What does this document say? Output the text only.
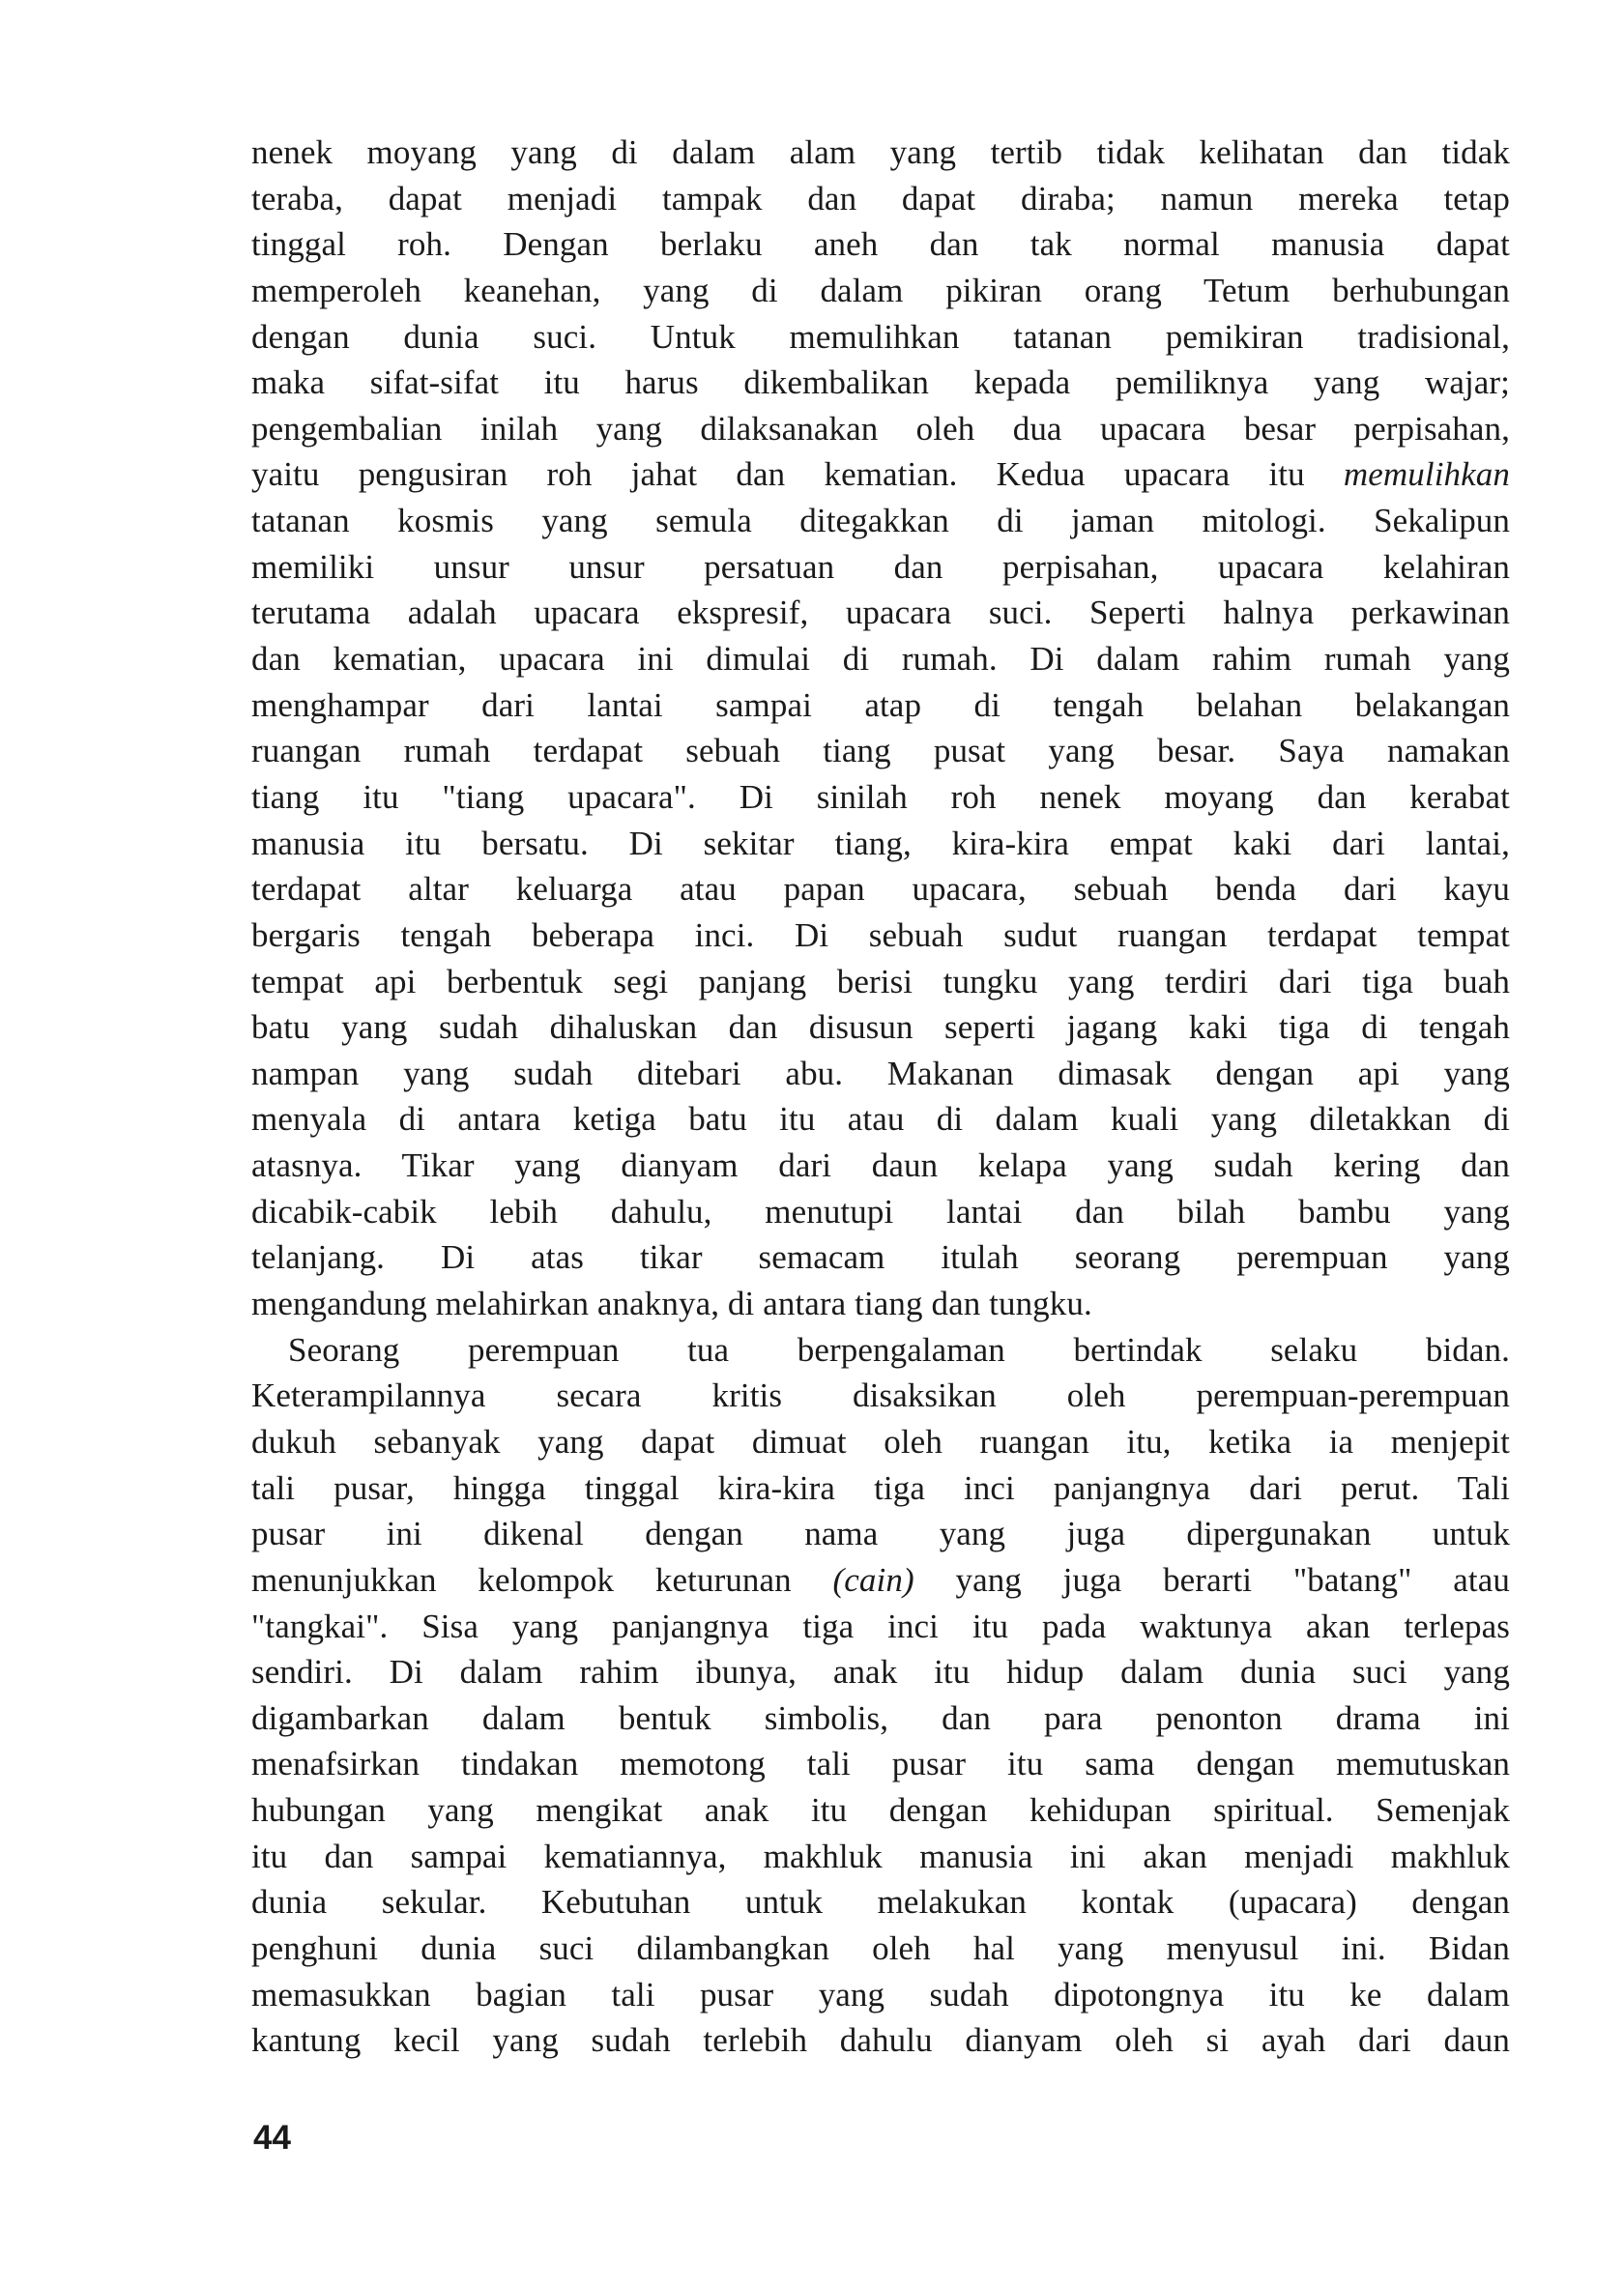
nenek moyang yang di dalam alam yang tertib tidak kelihatan dan tidak
teraba, dapat menjadi tampak dan dapat diraba; namun mereka tetap
tinggal roh. Dengan berlaku aneh dan tak normal manusia dapat
memperoleh keanehan, yang di dalam pikiran orang Tetum berhubungan
dengan dunia suci. Untuk memulihkan tatanan pemikiran tradisional,
maka sifat-sifat itu harus dikembalikan kepada pemiliknya yang wajar;
pengembalian inilah yang dilaksanakan oleh dua upacara besar perpisahan,
yaitu pengusiran roh jahat dan kematian. Kedua upacara itu memulihkan
tatanan kosmis yang semula ditegakkan di jaman mitologi. Sekalipun
memiliki unsur unsur persatuan dan perpisahan, upacara kelahiran
terutama adalah upacara ekspresif, upacara suci. Seperti halnya perkawinan
dan kematian, upacara ini dimulai di rumah. Di dalam rahim rumah yang
menghampar dari lantai sampai atap di tengah belahan belakangan
ruangan rumah terdapat sebuah tiang pusat yang besar. Saya namakan
tiang itu "tiang upacara". Di sinilah roh nenek moyang dan kerabat
manusia itu bersatu. Di sekitar tiang, kira-kira empat kaki dari lantai,
terdapat altar keluarga atau papan upacara, sebuah benda dari kayu
bergaris tengah beberapa inci. Di sebuah sudut ruangan terdapat tempat
tempat api berbentuk segi panjang berisi tungku yang terdiri dari tiga buah
batu yang sudah dihaluskan dan disusun seperti jagang kaki tiga di tengah
nampan yang sudah ditebari abu. Makanan dimasak dengan api yang
menyala di antara ketiga batu itu atau di dalam kuali yang diletakkan di
atasnya. Tikar yang dianyam dari daun kelapa yang sudah kering dan
dicabik-cabik lebih dahulu, menutupi lantai dan bilah bambu yang
telanjang. Di atas tikar semacam itulah seorang perempuan yang
mengandung melahirkan anaknya, di antara tiang dan tungku.
Seorang perempuan tua berpengalaman bertindak selaku bidan.
Keterampilannya secara kritis disaksikan oleh perempuan-perempuan
dukuh sebanyak yang dapat dimuat oleh ruangan itu, ketika ia menjepit
tali pusar, hingga tinggal kira-kira tiga inci panjangnya dari perut. Tali
pusar ini dikenal dengan nama yang juga dipergunakan untuk
menunjukkan kelompok keturunan (cain) yang juga berarti "batang" atau
"tangkai". Sisa yang panjangnya tiga inci itu pada waktunya akan terlepas
sendiri. Di dalam rahim ibunya, anak itu hidup dalam dunia suci yang
digambarkan dalam bentuk simbolis, dan para penonton drama ini
menafsirkan tindakan memotong tali pusar itu sama dengan memutuskan
hubungan yang mengikat anak itu dengan kehidupan spiritual. Semenjak
itu dan sampai kematiannya, makhluk manusia ini akan menjadi makhluk
dunia sekular. Kebutuhan untuk melakukan kontak (upacara) dengan
penghuni dunia suci dilambangkan oleh hal yang menyusul ini. Bidan
memasukkan bagian tali pusar yang sudah dipotongnya itu ke dalam
kantung kecil yang sudah terlebih dahulu dianyam oleh si ayah dari daun
44
